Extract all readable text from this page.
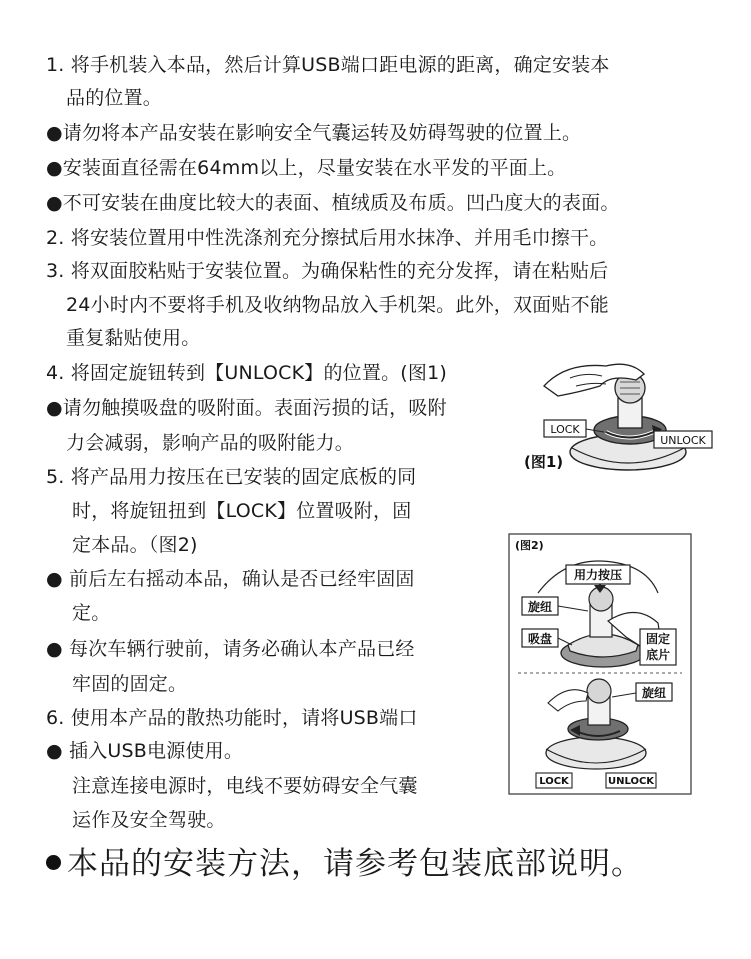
1. 将手机装入本品，然后计算USB端口距电源的距离，确定安装本
品的位置。
●请勿将本产品安装在影响安全气囊运转及妨碍驾驶的位置上。
●安装面直径需在64mm以上，尽量安装在水平发的平面上。
●不可安装在曲度比较大的表面、植绒质及布质。凹凸度大的表面。
2. 将安装位置用中性洗涤剂充分擦拭后用水抹净、并用毛巾擦干。
3. 将双面胶粘贴于安装位置。为确保粘性的充分发挥，请在粘贴后
24小时内不要将手机及收纳物品放入手机架。此外，双面贴不能
重复黏贴使用。
4. 将固定旋钮转到【UNLOCK】的位置。(图1)
●请勿触摸吸盘的吸附面。表面污损的话，吸附
力会减弱，影响产品的吸附能力。
5. 将产品用力按压在已安装的固定底板的同
时，将旋钮扭到【LOCK】位置吸附，固
定本品。（图2)
● 前后左右摇动本品，确认是否已经牢固固
定。
● 每次车辆行驶前，请务必确认本产品已经
牢固的固定。
6. 使用本产品的散热功能时，请将USB端口
● 插入USB电源使用。
注意连接电源时，电线不要妨碍安全气囊
运作及安全驾驶。
本品的安装方法，请参考包装底部说明。
LOCK
UNLOCK
(图1)
(图2)
用力按压
旋纽
吸盘	固定
底片
旋纽
LOCK	UNLOCK
